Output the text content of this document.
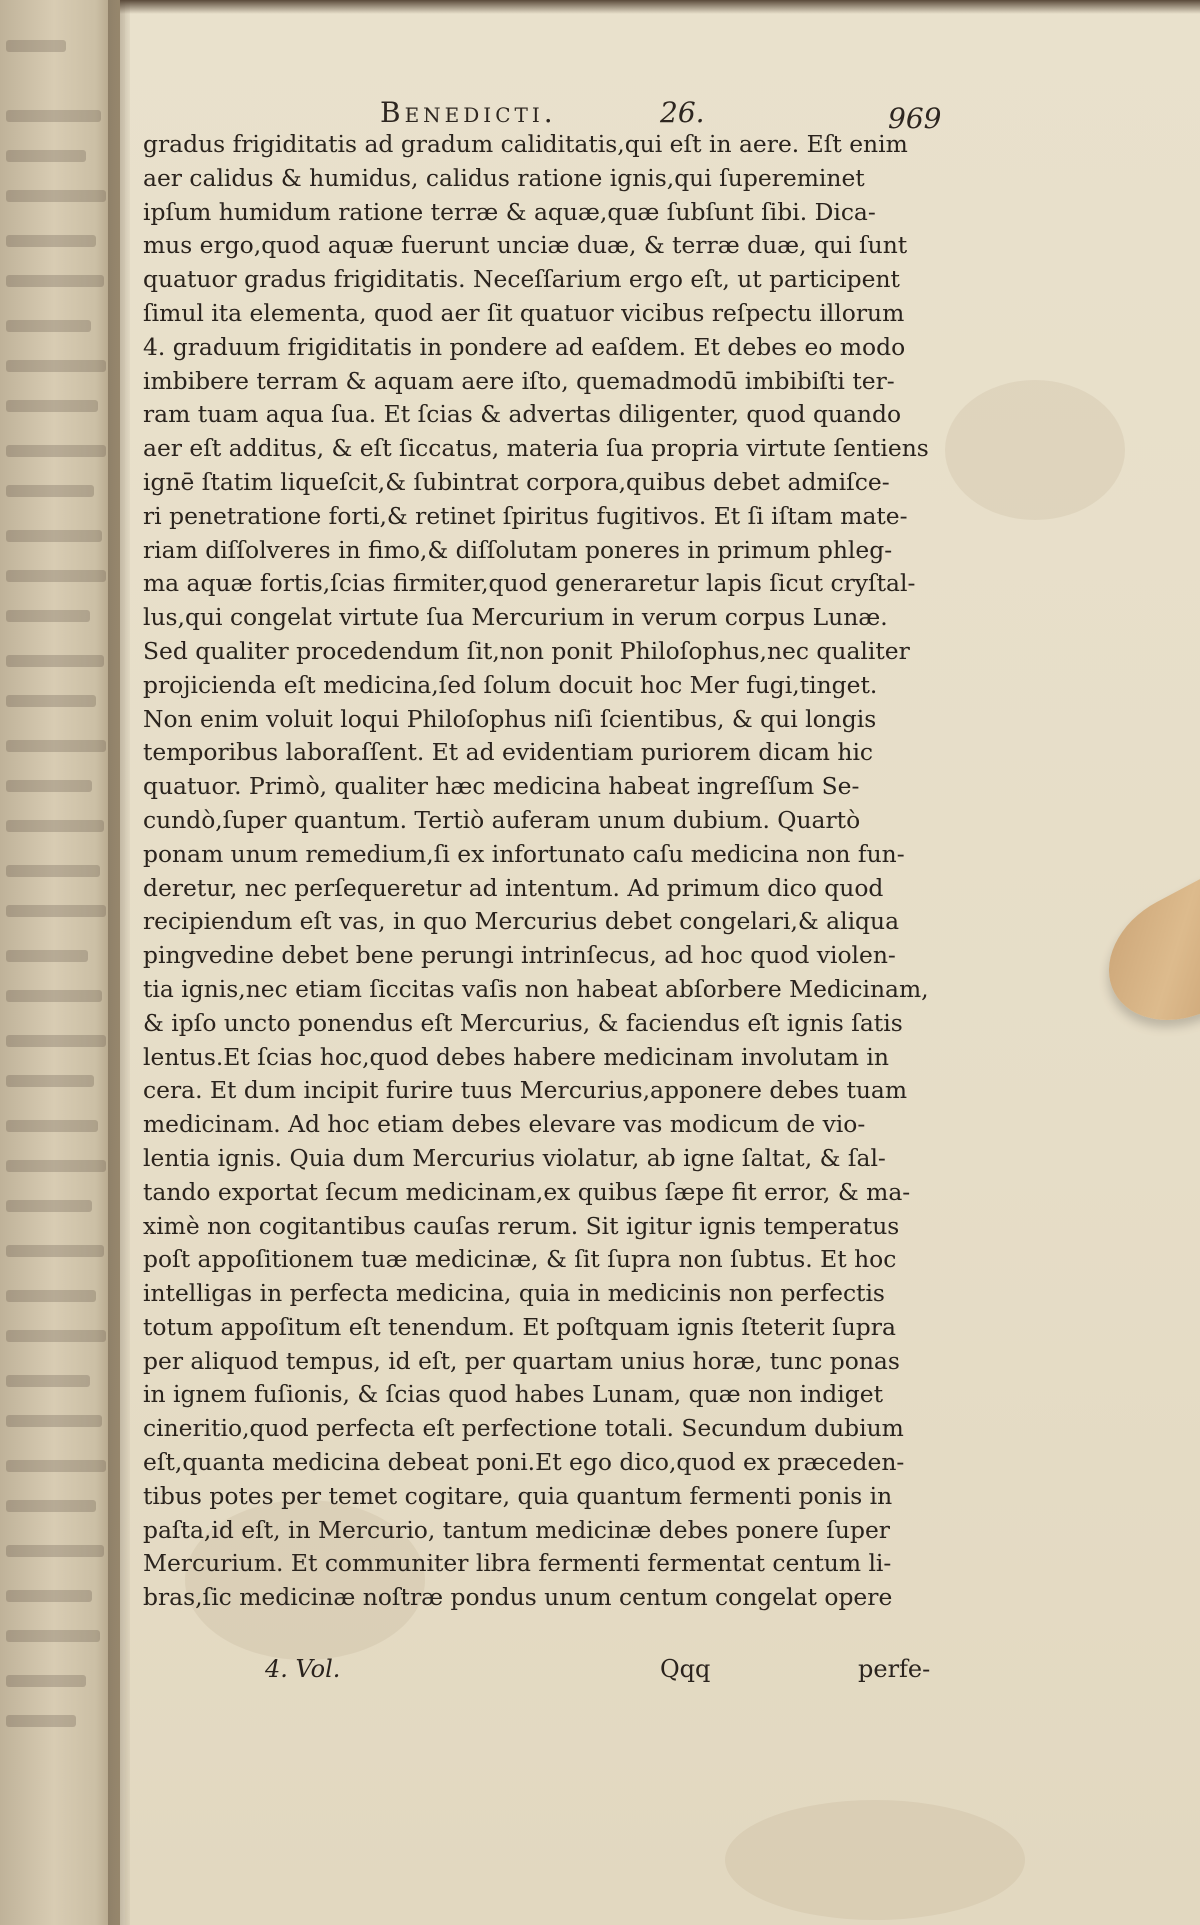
Benedicti.	26.	969
gradus frigiditatis ad gradum caliditatis,qui eſt in aere. Eſt enim
aer calidus & humidus, calidus ratione ignis,qui ſupereminet
ipſum humidum ratione terræ & aquæ,quæ ſubſunt ſibi. Dica-
mus ergo,quod aquæ fuerunt unciæ duæ, & terræ duæ, qui ſunt
quatuor gradus frigiditatis. Neceſſarium ergo eſt, ut participent
ſimul ita elementa, quod aer ſit quatuor vicibus reſpectu illorum
4. graduum frigiditatis in pondere ad eaſdem. Et debes eo modo
imbibere terram & aquam aere iſto, quemadmodū imbibiſti ter-
ram tuam aqua ſua. Et ſcias & advertas diligenter, quod quando
aer eſt additus, & eſt ſiccatus, materia ſua propria virtute ſentiens
ignē ſtatim liqueſcit,& ſubintrat corpora,quibus debet admiſce-
ri penetratione forti,& retinet ſpiritus fugitivos. Et ſi iſtam mate-
riam diſſolveres in fimo,& diſſolutam poneres in primum phleg-
ma aquæ fortis,ſcias firmiter,quod generaretur lapis ſicut cryſtal-
lus,qui congelat virtute ſua Mercurium in verum corpus Lunæ.
Sed qualiter procedendum ſit,non ponit Philoſophus,nec qualiter
projicienda eſt medicina,ſed ſolum docuit hoc Mer fugi,tinget.
Non enim voluit loqui Philoſophus niſi ſcientibus, & qui longis
temporibus laboraſſent. Et ad evidentiam puriorem dicam hic
quatuor. Primò, qualiter hæc medicina habeat ingreſſum Se-
cundò,ſuper quantum. Tertiò auferam unum dubium. Quartò
ponam unum remedium,ſi ex infortunato caſu medicina non fun-
deretur, nec perſequeretur ad intentum. Ad primum dico quod
recipiendum eſt vas, in quo Mercurius debet congelari,& aliqua
pingvedine debet bene perungi intrinſecus, ad hoc quod violen-
tia ignis,nec etiam ſiccitas vaſis non habeat abſorbere Medicinam,
& ipſo uncto ponendus eſt Mercurius, & faciendus eſt ignis ſatis
lentus.Et ſcias hoc,quod debes habere medicinam involutam in
cera. Et dum incipit furire tuus Mercurius,apponere debes tuam
medicinam. Ad hoc etiam debes elevare vas modicum de vio-
lentia ignis. Quia dum Mercurius violatur, ab igne ſaltat, & ſal-
tando exportat ſecum medicinam,ex quibus ſæpe fit error, & ma-
ximè non cogitantibus cauſas rerum. Sit igitur ignis temperatus
poſt appoſitionem tuæ medicinæ, & ſit ſupra non ſubtus. Et hoc
intelligas in perfecta medicina, quia in medicinis non perfectis
totum appoſitum eſt tenendum. Et poſtquam ignis ſteterit ſupra
per aliquod tempus, id eſt, per quartam unius horæ, tunc ponas
in ignem fuſionis, & ſcias quod habes Lunam, quæ non indiget
cineritio,quod perfecta eſt perfectione totali. Secundum dubium
eſt,quanta medicina debeat poni.Et ego dico,quod ex præceden-
tibus potes per temet cogitare, quia quantum fermenti ponis in
paſta,id eſt, in Mercurio, tantum medicinæ debes ponere ſuper
Mercurium. Et communiter libra fermenti fermentat centum li-
bras,ſic medicinæ noſtræ pondus unum centum congelat opere
4. Vol.	Qqq	perfe-
